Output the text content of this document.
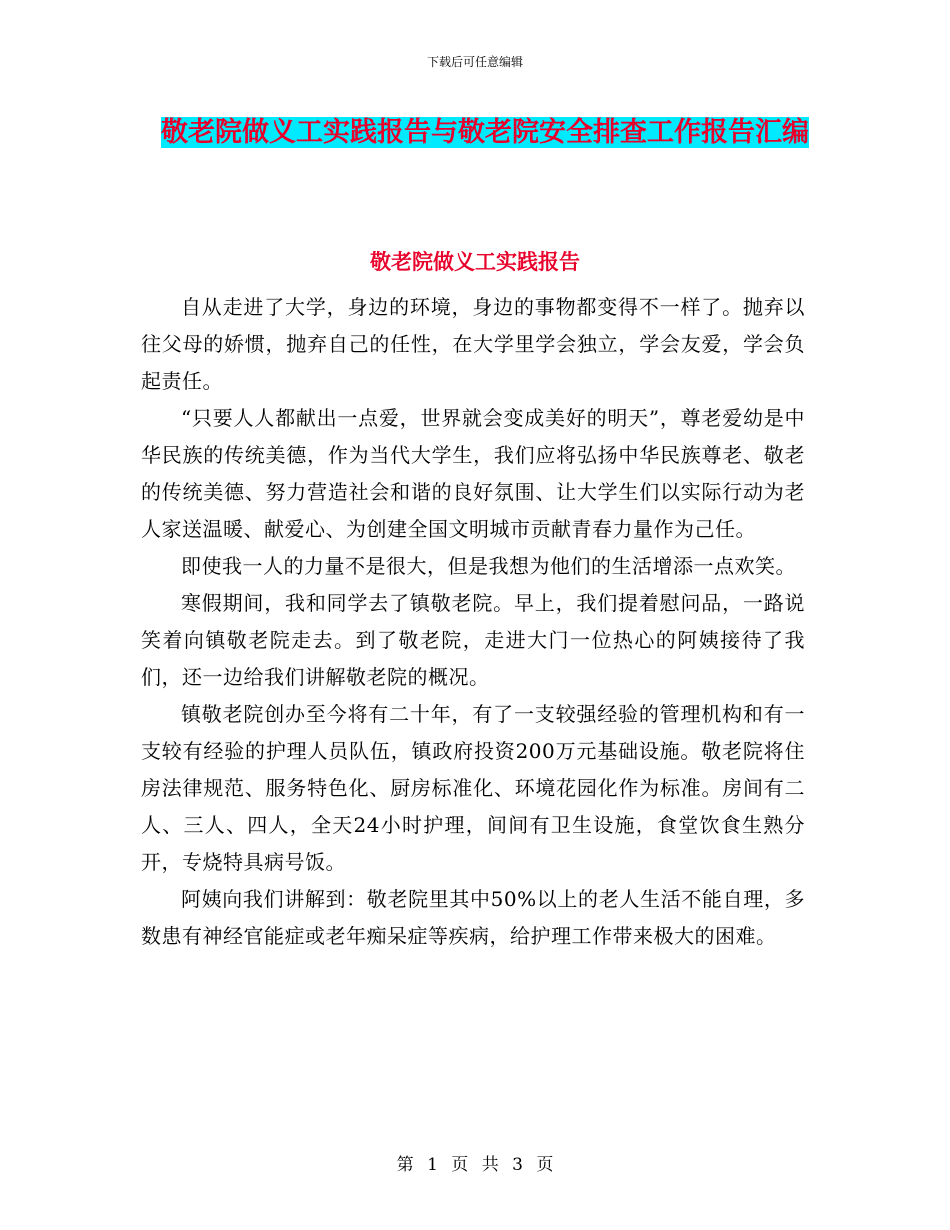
下载后可任意编辑
敬老院做义工实践报告与敬老院安全排查工作报告汇编
敬老院做义工实践报告

自从走进了大学，身边的环境，身边的事物都变得不一样了。抛弃以往父母的娇惯，抛弃自己的任性，在大学里学会独立，学会友爱，学会负起责任。

“只要人人都献出一点爱，世界就会变成美好的明天”，尊老爱幼是中华民族的传统美德，作为当代大学生，我们应将弘扬中华民族尊老、敬老的传统美德、努力营造社会和谐的良好氛围、让大学生们以实际行动为老人家送温暖、献爱心、为创建全国文明城市贡献青春力量作为己任。

即使我一人的力量不是很大，但是我想为他们的生活增添一点欢笑。

寒假期间，我和同学去了镇敬老院。早上，我们提着慰问品，一路说笑着向镇敬老院走去。到了敬老院，走进大门一位热心的阿姨接待了我们，还一边给我们讲解敬老院的概况。

镇敬老院创办至今将有二十年，有了一支较强经验的管理机构和有一支较有经验的护理人员队伍，镇政府投资200万元基础设施。敬老院将住房法律规范、服务特色化、厨房标准化、环境花园化作为标准。房间有二人、三人、四人，全天24小时护理，间间有卫生设施，食堂饮食生熟分开，专烧特具病号饭。

阿姨向我们讲解到：敬老院里其中50%以上的老人生活不能自理，多数患有神经官能症或老年痴呆症等疾病，给护理工作带来极大的困难。

第 1 页 共 3 页
